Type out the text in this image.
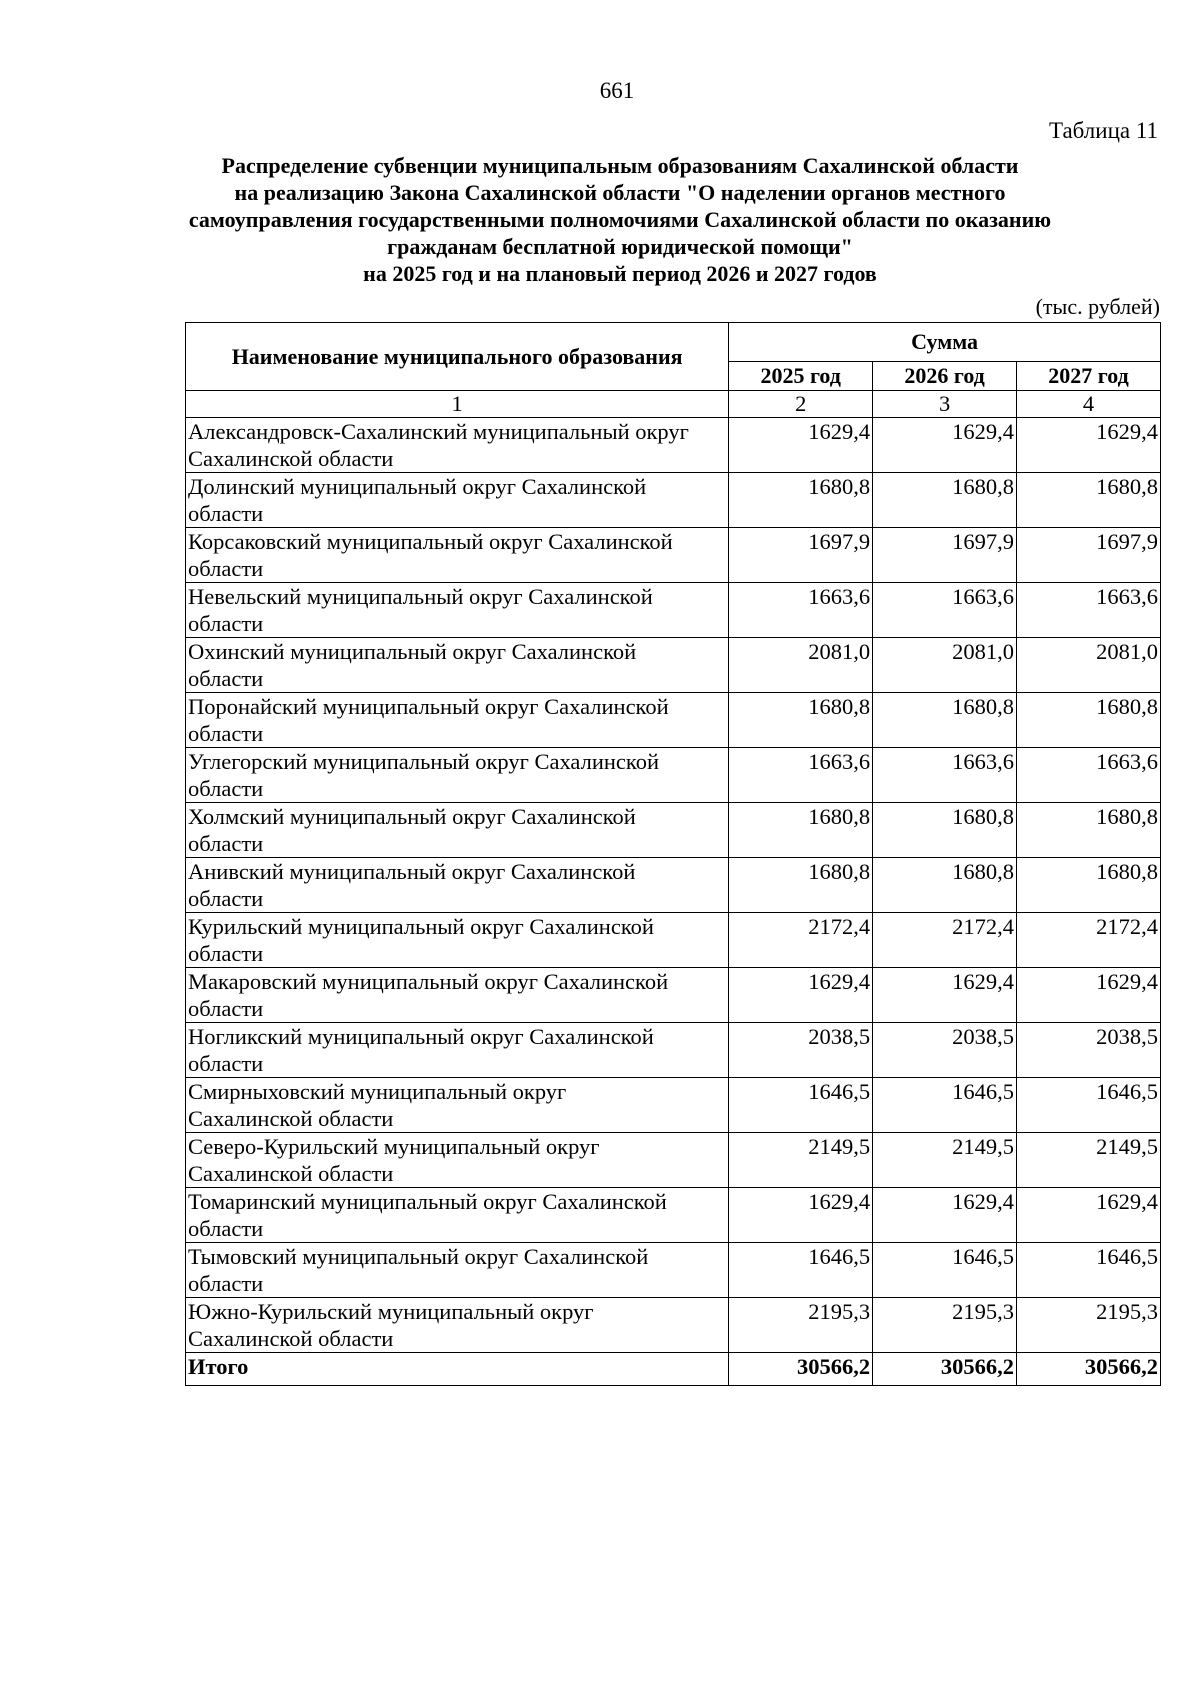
661
Таблица 11
Распределение субвенции муниципальным образованиям Сахалинской области
на реализацию Закона Сахалинской области "О наделении органов местного
самоуправления государственными полномочиями Сахалинской области по оказанию
гражданам бесплатной юридической помощи"
на 2025 год и на плановый период 2026 и 2027 годов
(тыс. рублей)
Наименование муниципального образования	Сумма		
	2025 год	2026 год	2027 год
1	2	3	4

Александровск-Сахалинский муниципальный округ
Сахалинской области	1629,4	1629,4	1629,4

Долинский муниципальный округ Сахалинской
области	1680,8	1680,8	1680,8

Корсаковский муниципальный округ Сахалинской
области	1697,9	1697,9	1697,9

Невельский муниципальный округ Сахалинской
области	1663,6	1663,6	1663,6

Охинский муниципальный округ Сахалинской
области	2081,0	2081,0	2081,0

Поронайский муниципальный округ Сахалинской
области	1680,8	1680,8	1680,8

Углегорский муниципальный округ Сахалинской
области	1663,6	1663,6	1663,6

Холмский муниципальный округ Сахалинской
области	1680,8	1680,8	1680,8

Анивский муниципальный округ Сахалинской
области	1680,8	1680,8	1680,8

Курильский муниципальный округ Сахалинской
области	2172,4	2172,4	2172,4

Макаровский муниципальный округ Сахалинской
области	1629,4	1629,4	1629,4

Ногликский муниципальный округ Сахалинской
области	2038,5	2038,5	2038,5

Смирныховский муниципальный округ
Сахалинской области	1646,5	1646,5	1646,5

Северо-Курильский муниципальный округ
Сахалинской области	2149,5	2149,5	2149,5

Томаринский муниципальный округ Сахалинской
области	1629,4	1629,4	1629,4

Тымовский муниципальный округ Сахалинской
области	1646,5	1646,5	1646,5

Южно-Курильский муниципальный округ
Сахалинской области	2195,3	2195,3	2195,3
Итого	30566,2	30566,2	30566,2
